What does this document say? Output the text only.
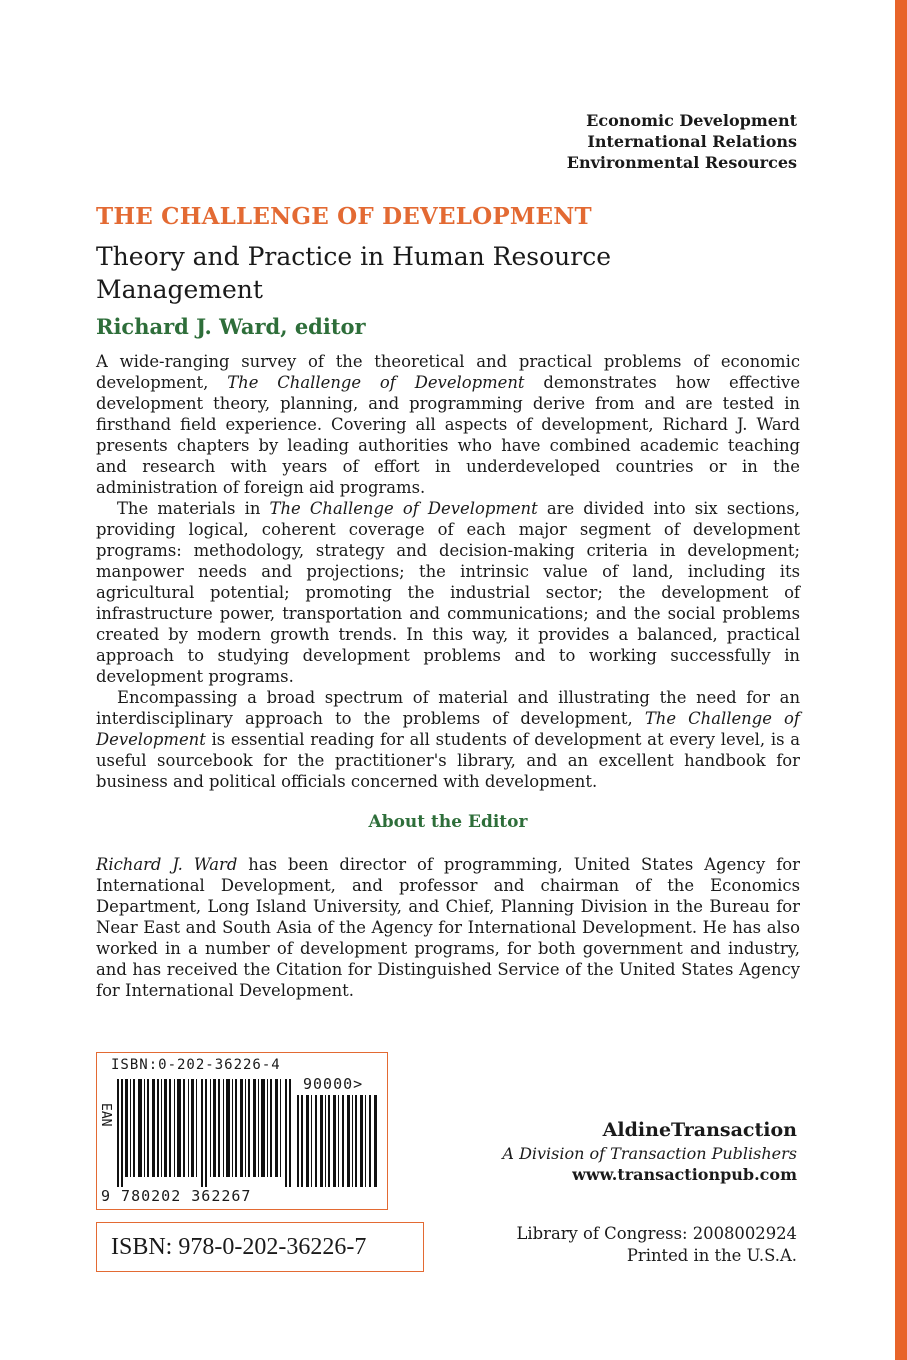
Economic Development
International Relations
Environmental Resources
THE CHALLENGE OF DEVELOPMENT
Theory and Practice in Human Resource Management
Richard J. Ward, editor

A wide-ranging survey of the theoretical and practical problems of economic development, The Challenge of Development demonstrates how effective development theory, planning, and programming derive from and are tested in firsthand field experience. Covering all aspects of development, Richard J. Ward presents chapters by leading authorities who have combined academic teaching and research with years of effort in underdeveloped countries or in the administration of foreign aid programs.

The materials in The Challenge of Development are divided into six sections, providing logical, coherent coverage of each major segment of development programs: methodology, strategy and decision-making criteria in development; manpower needs and projections; the intrinsic value of land, including its agricultural potential; promoting the industrial sector; the development of infrastructure power, transportation and communications; and the social problems created by modern growth trends. In this way, it provides a balanced, practical approach to studying development problems and to working successfully in development programs.

Encompassing a broad spectrum of material and illustrating the need for an interdisciplinary approach to the problems of development, The Challenge of Development is essential reading for all students of development at every level, is a useful sourcebook for the practitioner's library, and an excellent handbook for business and political officials concerned with development.

About the Editor

Richard J. Ward has been director of programming, United States Agency for International Development, and professor and chairman of the Economics Department, Long Island University, and Chief, Planning Division in the Bureau for Near East and South Asia of the Agency for International Development. He has also worked in a number of development programs, for both government and industry, and has received the Citation for Distinguished Service of the United States Agency for International Development.

ISBN:0-202-36226-4
90000>
EAN
9 780202 362267
ISBN: 978-0-202-36226-7
AldineTransaction
A Division of Transaction Publishers
www.transactionpub.com
Library of Congress: 2008002924
Printed in the U.S.A.
